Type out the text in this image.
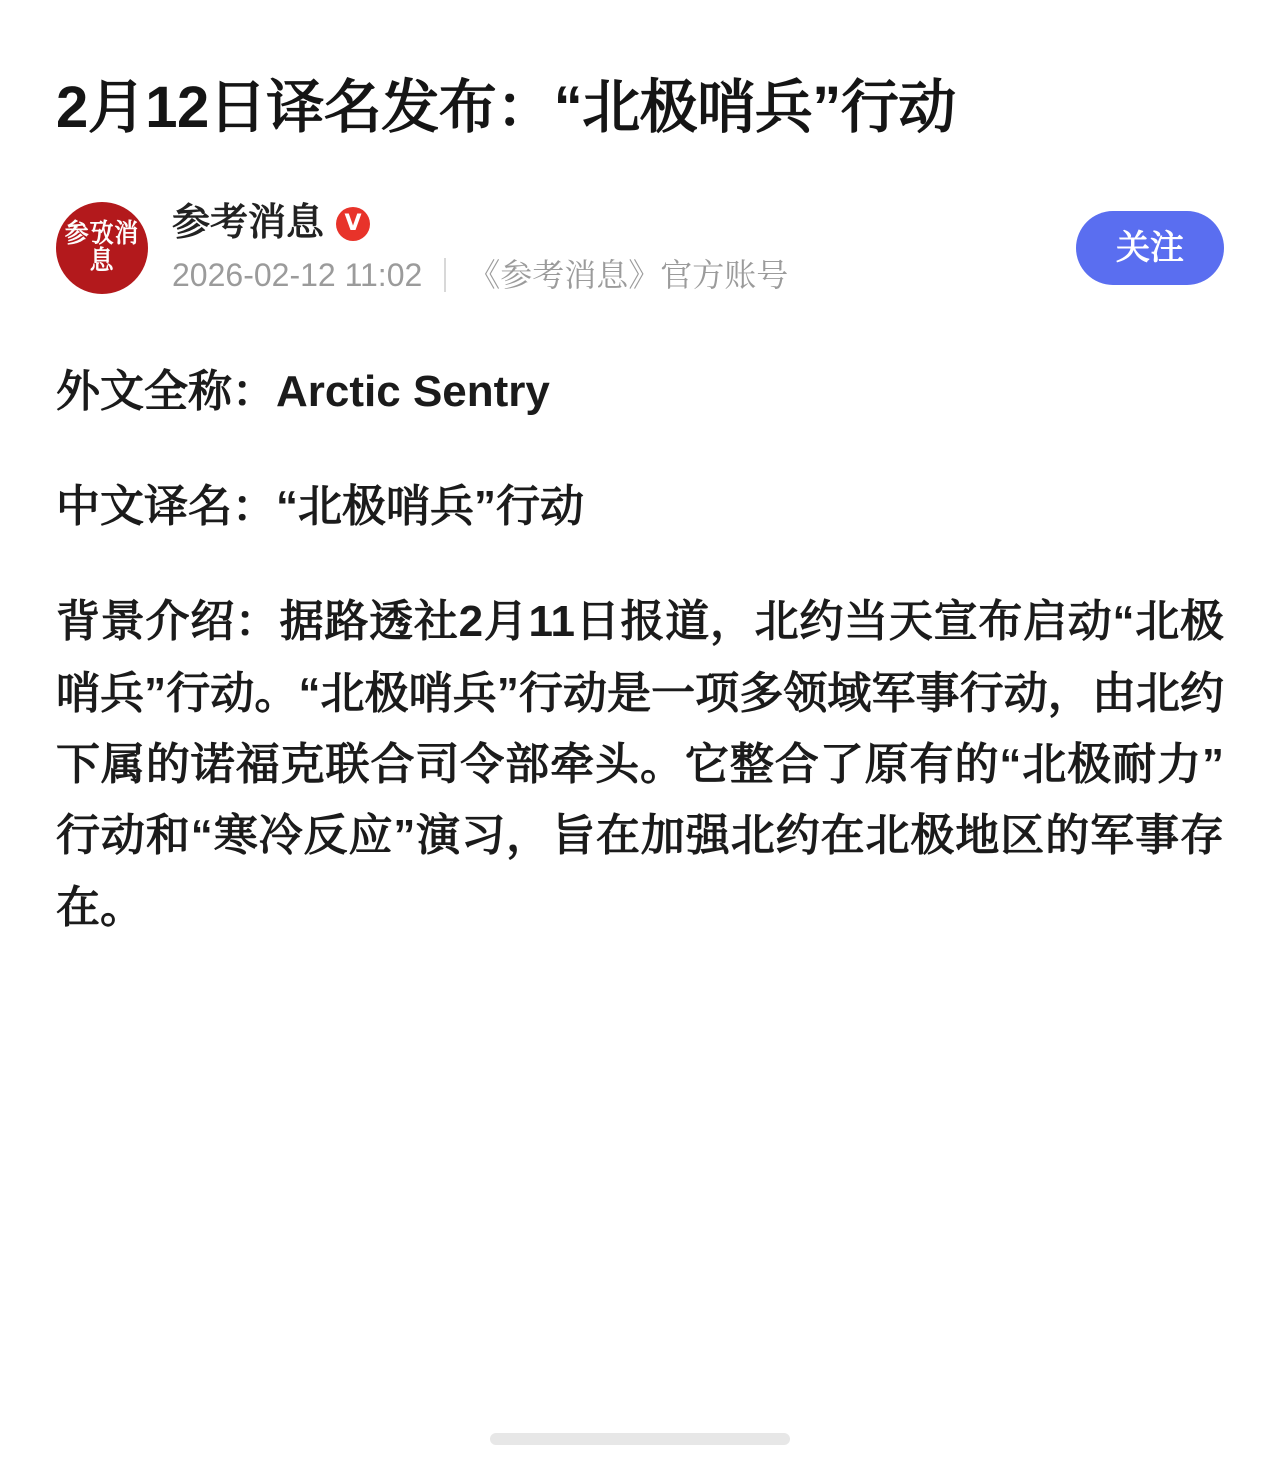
2月12日译名发布：“北极哨兵”行动
参攷消息
参考消息 V
2026-02-12 11:02 《参考消息》官方账号
关注

外文全称：Arctic Sentry

中文译名：“北极哨兵”行动

背景介绍：据路透社2月11日报道，北约当天宣布启动“北极哨兵”行动。“北极哨兵”行动是一项多领域军事行动，由北约下属的诺福克联合司令部牵头。它整合了原有的“北极耐力”行动和“寒冷反应”演习，旨在加强北约在北极地区的军事存在。
